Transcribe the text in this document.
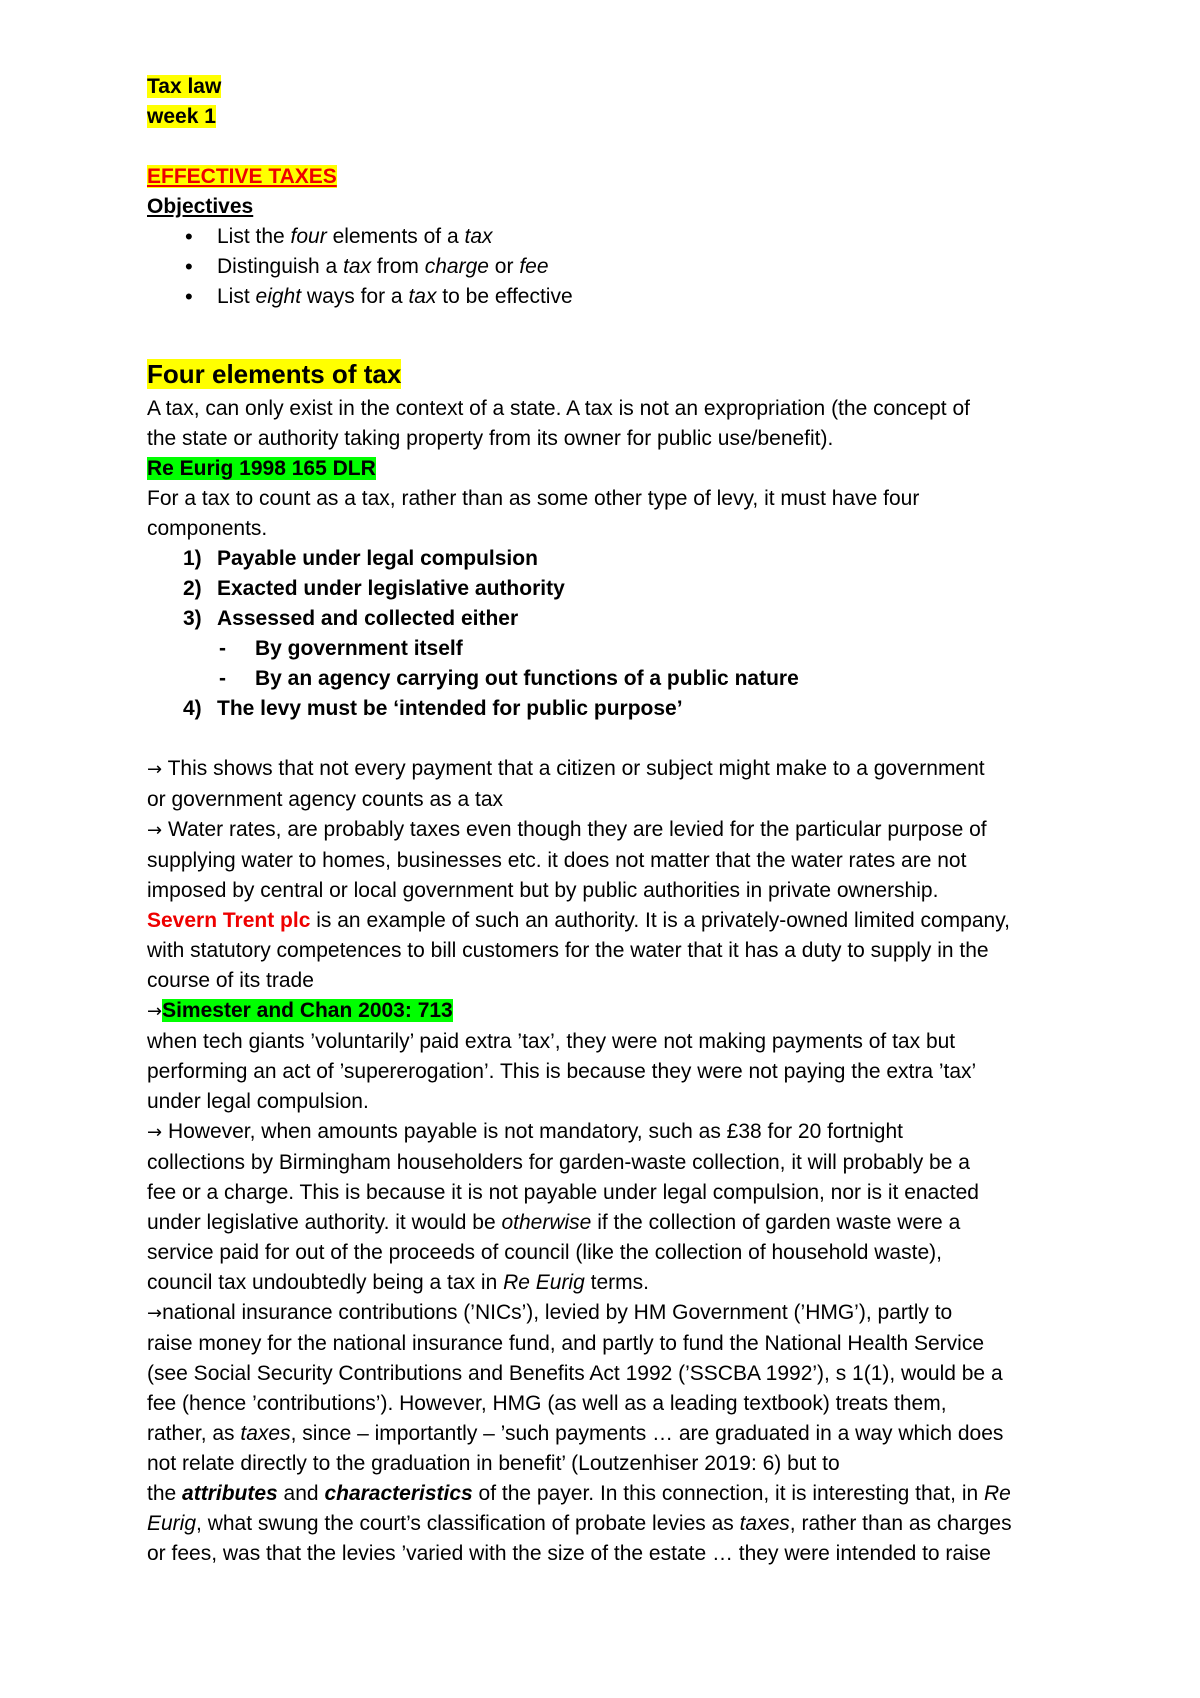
Tax law

week 1

EFFECTIVE TAXES

Objectives

• List the four elements of a tax
• Distinguish a tax from charge or fee
• List eight ways for a tax to be effective

Four elements of tax

A tax, can only exist in the context of a state. A tax is not an expropriation (the concept of

the state or authority taking property from its owner for public use/benefit).

Re Eurig 1998 165 DLR

For a tax to count as a tax, rather than as some other type of levy, it must have four

components.

1) Payable under legal compulsion
2) Exacted under legislative authority
3) Assessed and collected either
- By government itself
- By an agency carrying out functions of a public nature
4) The levy must be ‘intended for public purpose’

→ This shows that not every payment that a citizen or subject might make to a government

or government agency counts as a tax

→ Water rates, are probably taxes even though they are levied for the particular purpose of

supplying water to homes, businesses etc. it does not matter that the water rates are not

imposed by central or local government but by public authorities in private ownership.

Severn Trent plc is an example of such an authority. It is a privately-owned limited company,

with statutory competences to bill customers for the water that it has a duty to supply in the

course of its trade

→Simester and Chan 2003: 713

when tech giants ’voluntarily’ paid extra ’tax’, they were not making payments of tax but

performing an act of ’supererogation’. This is because they were not paying the extra ’tax’

under legal compulsion.

→ However, when amounts payable is not mandatory, such as £38 for 20 fortnight

collections by Birmingham householders for garden-waste collection, it will probably be a

fee or a charge. This is because it is not payable under legal compulsion, nor is it enacted

under legislative authority. it would be otherwise if the collection of garden waste were a

service paid for out of the proceeds of council (like the collection of household waste),

council tax undoubtedly being a tax in Re Eurig terms.

→national insurance contributions (’NICs’), levied by HM Government (’HMG’), partly to

raise money for the national insurance fund, and partly to fund the National Health Service

(see Social Security Contributions and Benefits Act 1992 (’SSCBA 1992’), s 1(1), would be a

fee (hence ’contributions’). However, HMG (as well as a leading textbook) treats them,

rather, as taxes, since – importantly – ’such payments … are graduated in a way which does

not relate directly to the graduation in benefit’ (Loutzenhiser 2019: 6) but to

the attributes and characteristics of the payer. In this connection, it is interesting that, in Re

Eurig, what swung the court’s classification of probate levies as taxes, rather than as charges

or fees, was that the levies ’varied with the size of the estate … they were intended to raise
